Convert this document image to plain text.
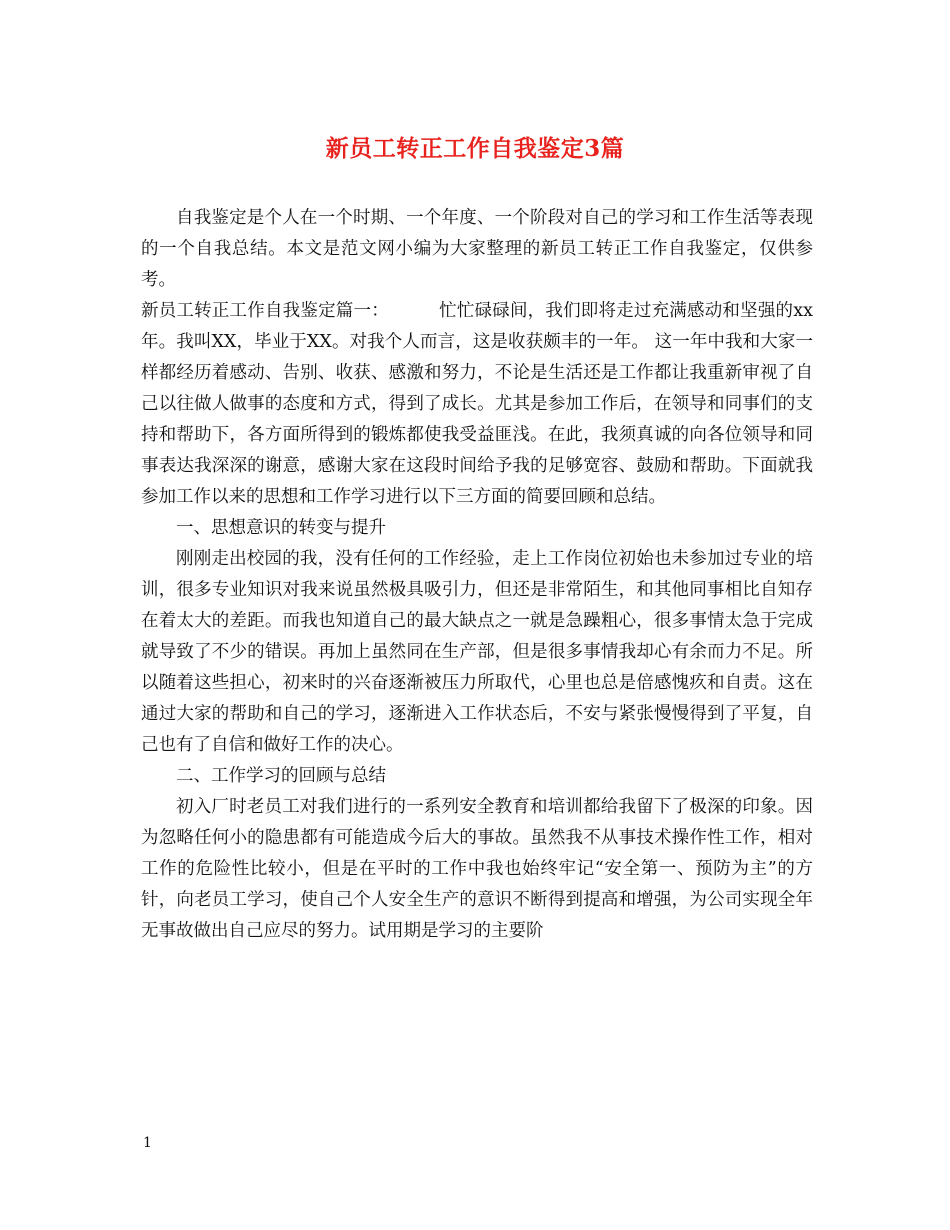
新员工转正工作自我鉴定3篇

自我鉴定是个人在一个时期、一个年度、一个阶段对自己的学习和工作生活等表现的一个自我总结。本文是范文网小编为大家整理的新员工转正工作自我鉴定，仅供参考。

新员工转正工作自我鉴定篇一：	忙忙碌碌间，我们即将走过充满感动和坚强的xx年。我叫XX，毕业于XX。对我个人而言，这是收获颇丰的一年。 这一年中我和大家一样都经历着感动、告别、收获、感激和努力，不论是生活还是工作都让我重新审视了自己以往做人做事的态度和方式，得到了成长。尤其是参加工作后，在领导和同事们的支持和帮助下，各方面所得到的锻炼都使我受益匪浅。在此，我须真诚的向各位领导和同事表达我深深的谢意，感谢大家在这段时间给予我的足够宽容、鼓励和帮助。下面就我参加工作以来的思想和工作学习进行以下三方面的简要回顾和总结。

一、思想意识的转变与提升

刚刚走出校园的我，没有任何的工作经验，走上工作岗位初始也未参加过专业的培训，很多专业知识对我来说虽然极具吸引力，但还是非常陌生，和其他同事相比自知存在着太大的差距。而我也知道自己的最大缺点之一就是急躁粗心，很多事情太急于完成就导致了不少的错误。再加上虽然同在生产部，但是很多事情我却心有余而力不足。所以随着这些担心，初来时的兴奋逐渐被压力所取代，心里也总是倍感愧疚和自责。这在通过大家的帮助和自己的学习，逐渐进入工作状态后，不安与紧张慢慢得到了平复，自己也有了自信和做好工作的决心。

二、工作学习的回顾与总结

初入厂时老员工对我们进行的一系列安全教育和培训都给我留下了极深的印象。因为忽略任何小的隐患都有可能造成今后大的事故。虽然我不从事技术操作性工作，相对工作的危险性比较小，但是在平时的工作中我也始终牢记“安全第一、预防为主”的方针，向老员工学习，使自己个人安全生产的意识不断得到提高和增强，为公司实现全年无事故做出自己应尽的努力。试用期是学习的主要阶

1
